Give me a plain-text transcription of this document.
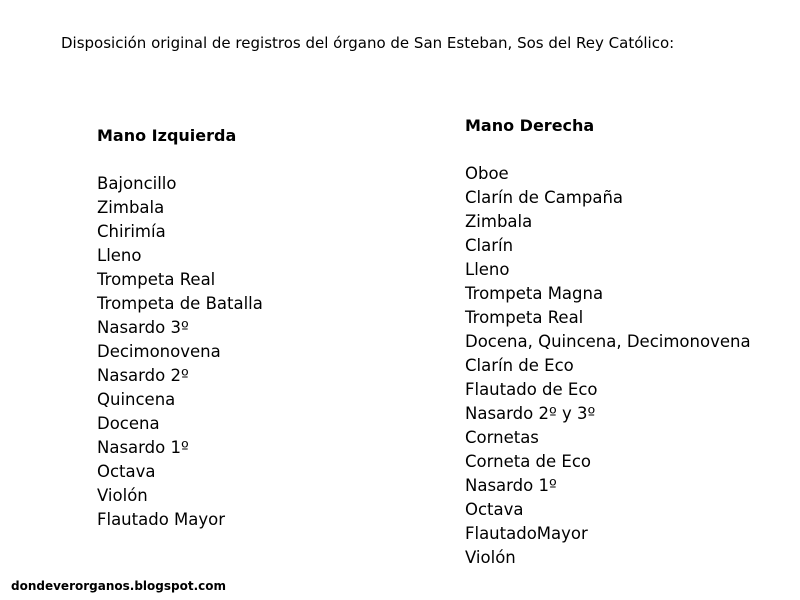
Disposición original de registros del órgano de San Esteban, Sos del Rey Católico:
Mano Izquierda
Bajoncillo
Zimbala
Chirimía
Lleno
Trompeta Real
Trompeta de Batalla
Nasardo 3º
Decimonovena
Nasardo 2º
Quincena
Docena
Nasardo 1º
Octava
Violón
Flautado Mayor
Mano Derecha
Oboe
Clarín de Campaña
Zimbala
Clarín
Lleno
Trompeta Magna
Trompeta Real
Docena, Quincena, Decimonovena
Clarín de Eco
Flautado de Eco
Nasardo 2º y 3º
Cornetas
Corneta de Eco
Nasardo 1º
Octava
FlautadoMayor
Violón
dondeverorganos.blogspot.com
